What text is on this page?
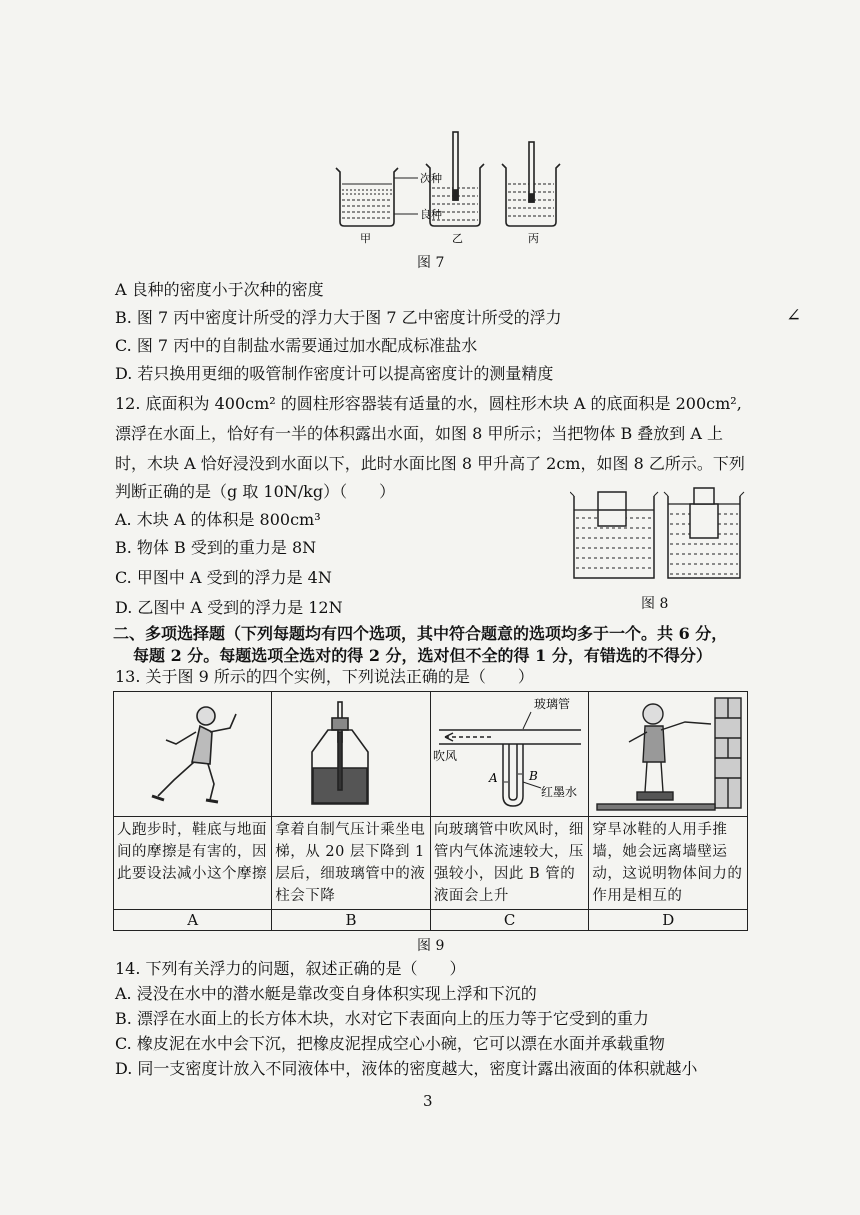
次种
良种
甲	乙	丙
图 7
A 良种的密度小于次种的密度
B. 图 7 丙中密度计所受的浮力大于图 7 乙中密度计所受的浮力
C. 图 7 丙中的自制盐水需要通过加水配成标准盐水
D. 若只换用更细的吸管制作密度计可以提高密度计的测量精度
∠
12. 底面积为 400cm² 的圆柱形容器装有适量的水，圆柱形木块 A 的底面积是 200cm²,
漂浮在水面上，恰好有一半的体积露出水面，如图 8 甲所示；当把物体 B 叠放到 A 上
时，木块 A 恰好浸没到水面以下，此时水面比图 8 甲升高了 2cm，如图 8 乙所示。下列
判断正确的是（g 取 10N/kg）（　　）
A. 木块 A 的体积是 800cm³
B. 物体 B 受到的重力是 8N
C. 甲图中 A 受到的浮力是 4N
D. 乙图中 A 受到的浮力是 12N	图 8
二、多项选择题（下列每题均有四个选项，其中符合题意的选项均多于一个。共 6 分，
每题 2 分。每题选项全选对的得 2 分，选对但不全的得 1 分，有错选的不得分）
13. 关于图 9 所示的四个实例，下列说法正确的是（　　）

玻璃管
吹风
A B
红墨水

人跑步时，鞋底与地面间的摩擦是有害的，因此要设法减小这个摩擦	拿着自制气压计乘坐电梯，从 20 层下降到 1 层后，细玻璃管中的液柱会下降	向玻璃管中吹风时，细管内气体流速较大，压强较小，因此 B 管的液面会上升	穿旱冰鞋的人用手推墙，她会远离墙壁运动，这说明物体间力的作用是相互的
A	B	C	D
图 9
14. 下列有关浮力的问题，叙述正确的是（　　）
A. 浸没在水中的潜水艇是靠改变自身体积实现上浮和下沉的
B. 漂浮在水面上的长方体木块，水对它下表面向上的压力等于它受到的重力
C. 橡皮泥在水中会下沉，把橡皮泥捏成空心小碗，它可以漂在水面并承载重物
D. 同一支密度计放入不同液体中，液体的密度越大，密度计露出液面的体积就越小
3
